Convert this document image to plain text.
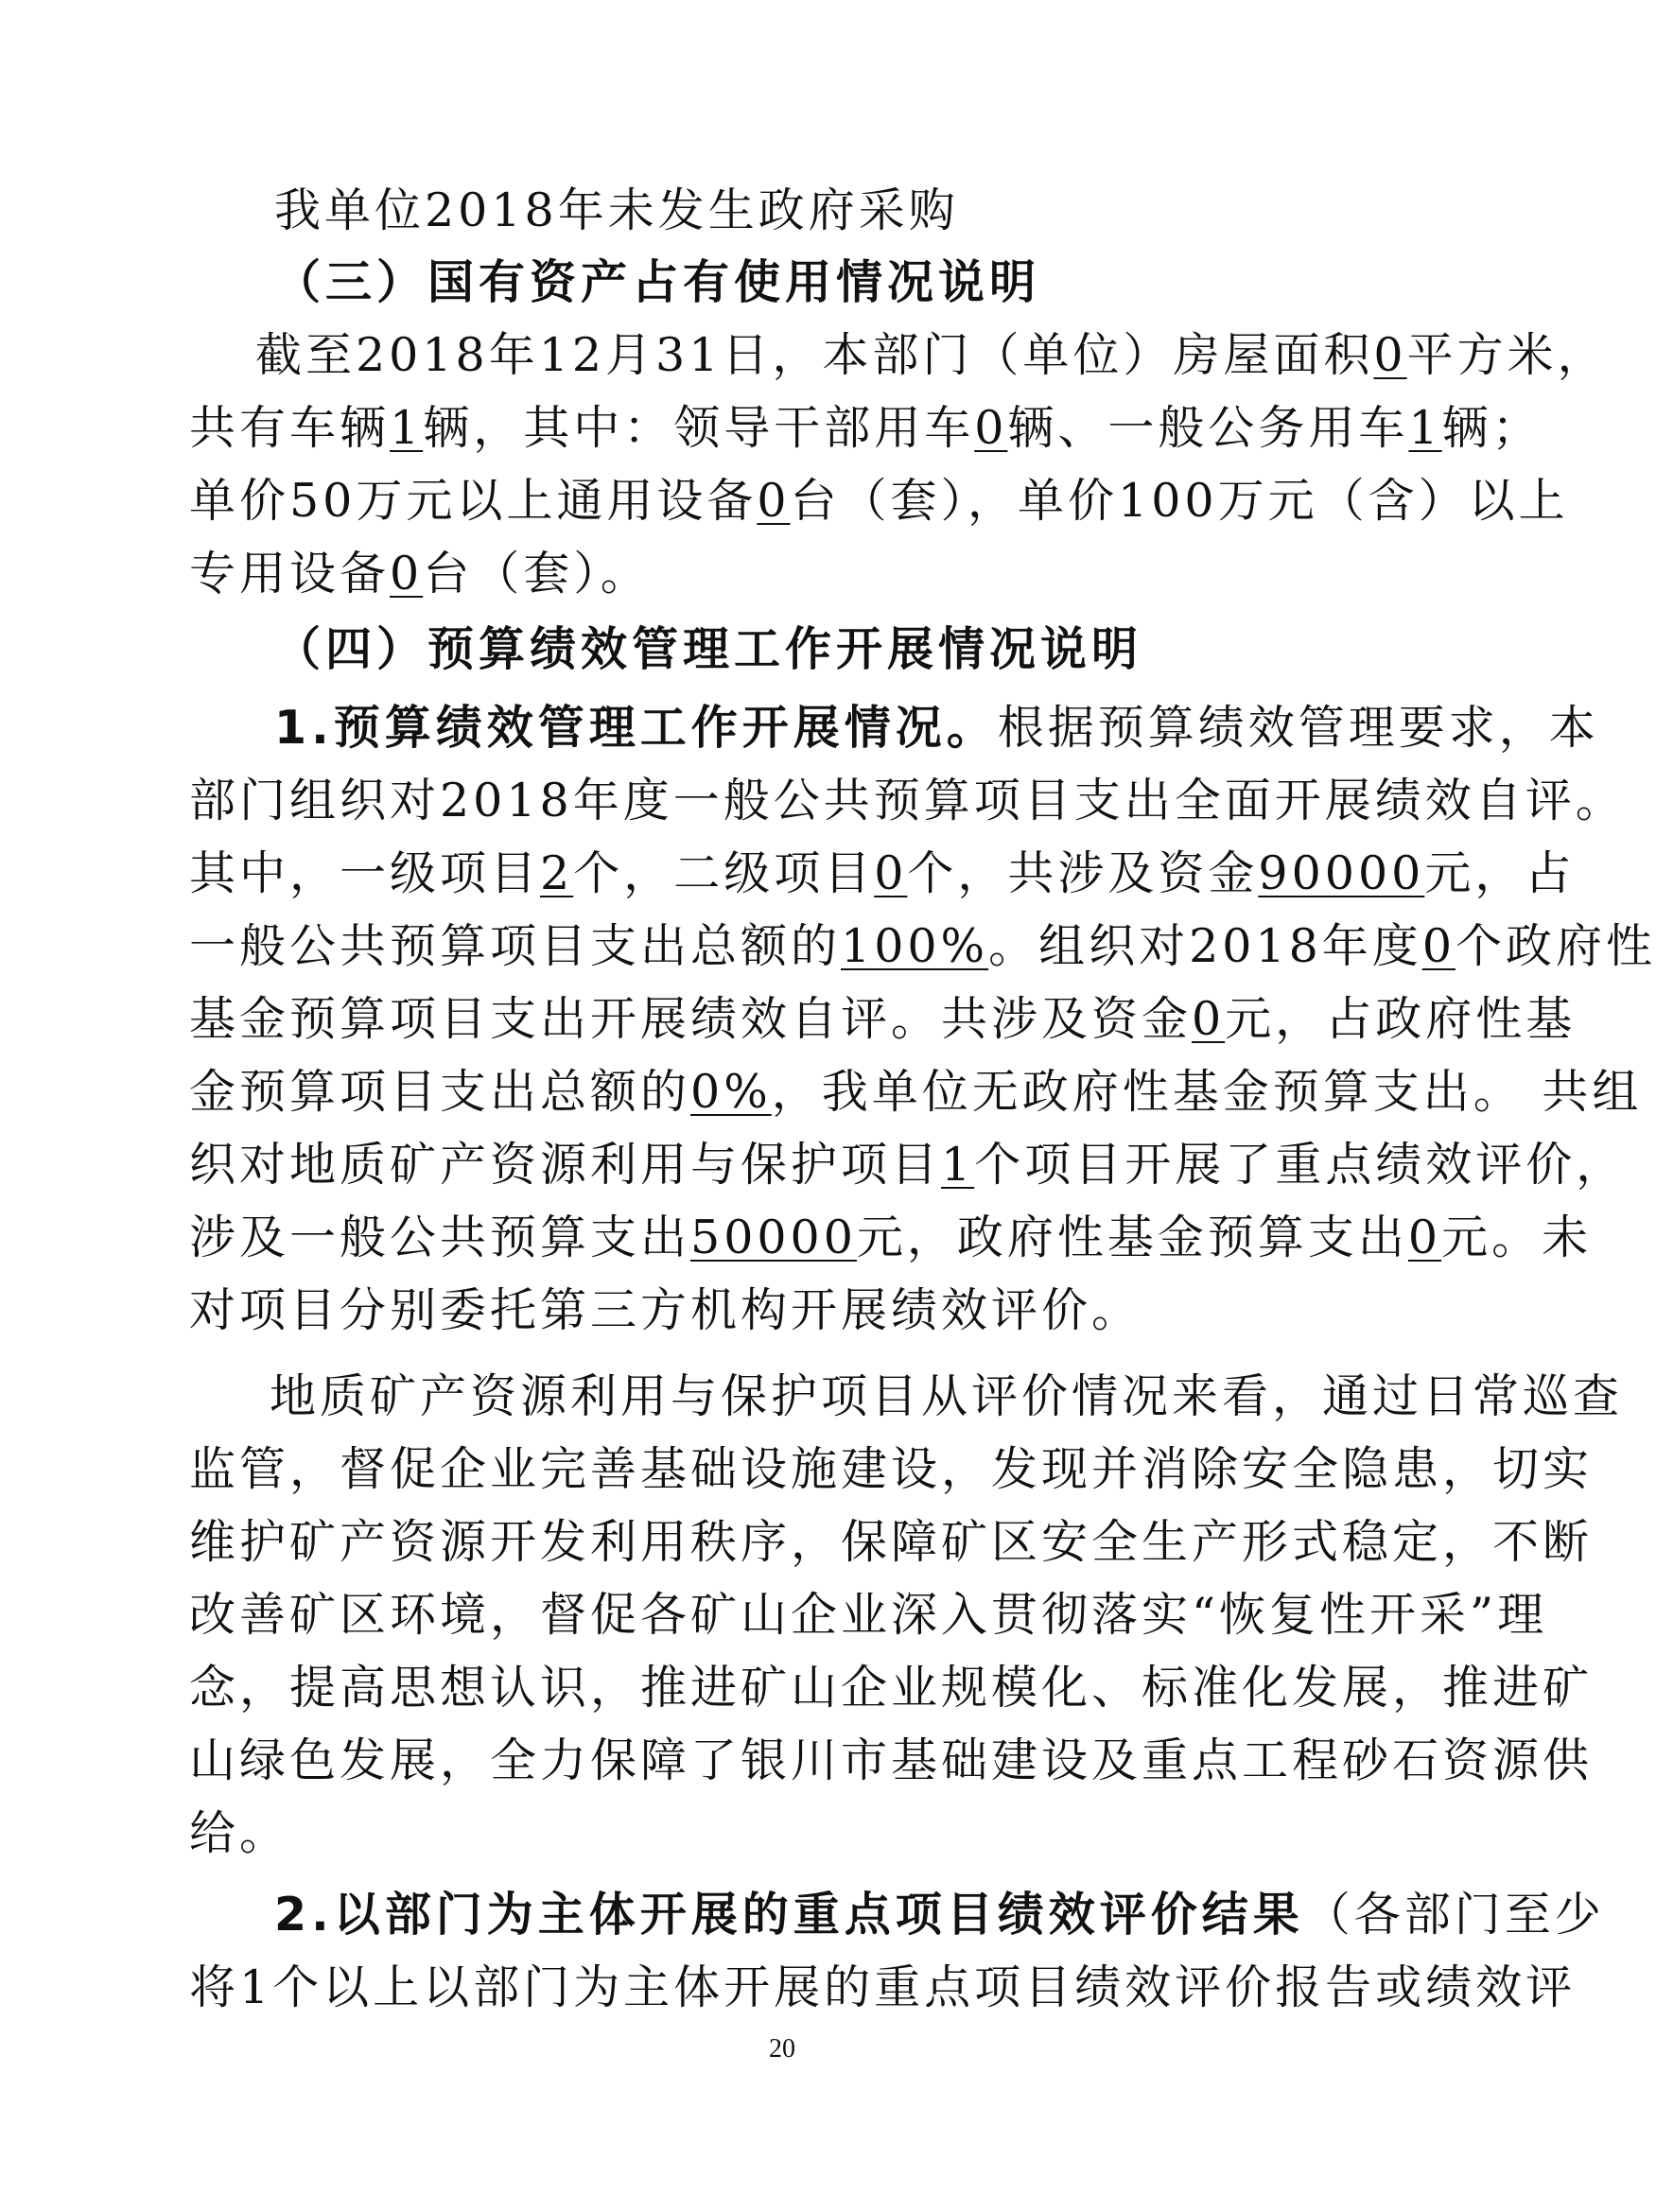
我单位2018年未发生政府采购
（三）国有资产占有使用情况说明
截至2018年12月31日，本部门（单位）房屋面积0平方米，
共有车辆1辆，其中：领导干部用车0辆、一般公务用车1辆；
单价50万元以上通用设备0台（套），单价100万元（含）以上
专用设备0台（套）。
（四）预算绩效管理工作开展情况说明
1.预算绩效管理工作开展情况。根据预算绩效管理要求，本
部门组织对2018年度一般公共预算项目支出全面开展绩效自评。
其中，一级项目2个，二级项目0个，共涉及资金90000元，占
一般公共预算项目支出总额的100%。组织对2018年度0个政府性
基金预算项目支出开展绩效自评。共涉及资金0元，占政府性基
金预算项目支出总额的0%，我单位无政府性基金预算支出。 共组
织对地质矿产资源利用与保护项目1个项目开展了重点绩效评价，
涉及一般公共预算支出50000元，政府性基金预算支出0元。未
对项目分别委托第三方机构开展绩效评价。
地质矿产资源利用与保护项目从评价情况来看，通过日常巡查
监管，督促企业完善基础设施建设，发现并消除安全隐患，切实
维护矿产资源开发利用秩序，保障矿区安全生产形式稳定，不断
改善矿区环境，督促各矿山企业深入贯彻落实“恢复性开采”理
念，提高思想认识，推进矿山企业规模化、标准化发展，推进矿
山绿色发展，全力保障了银川市基础建设及重点工程砂石资源供
给。
2.以部门为主体开展的重点项目绩效评价结果（各部门至少
将1个以上以部门为主体开展的重点项目绩效评价报告或绩效评
20
